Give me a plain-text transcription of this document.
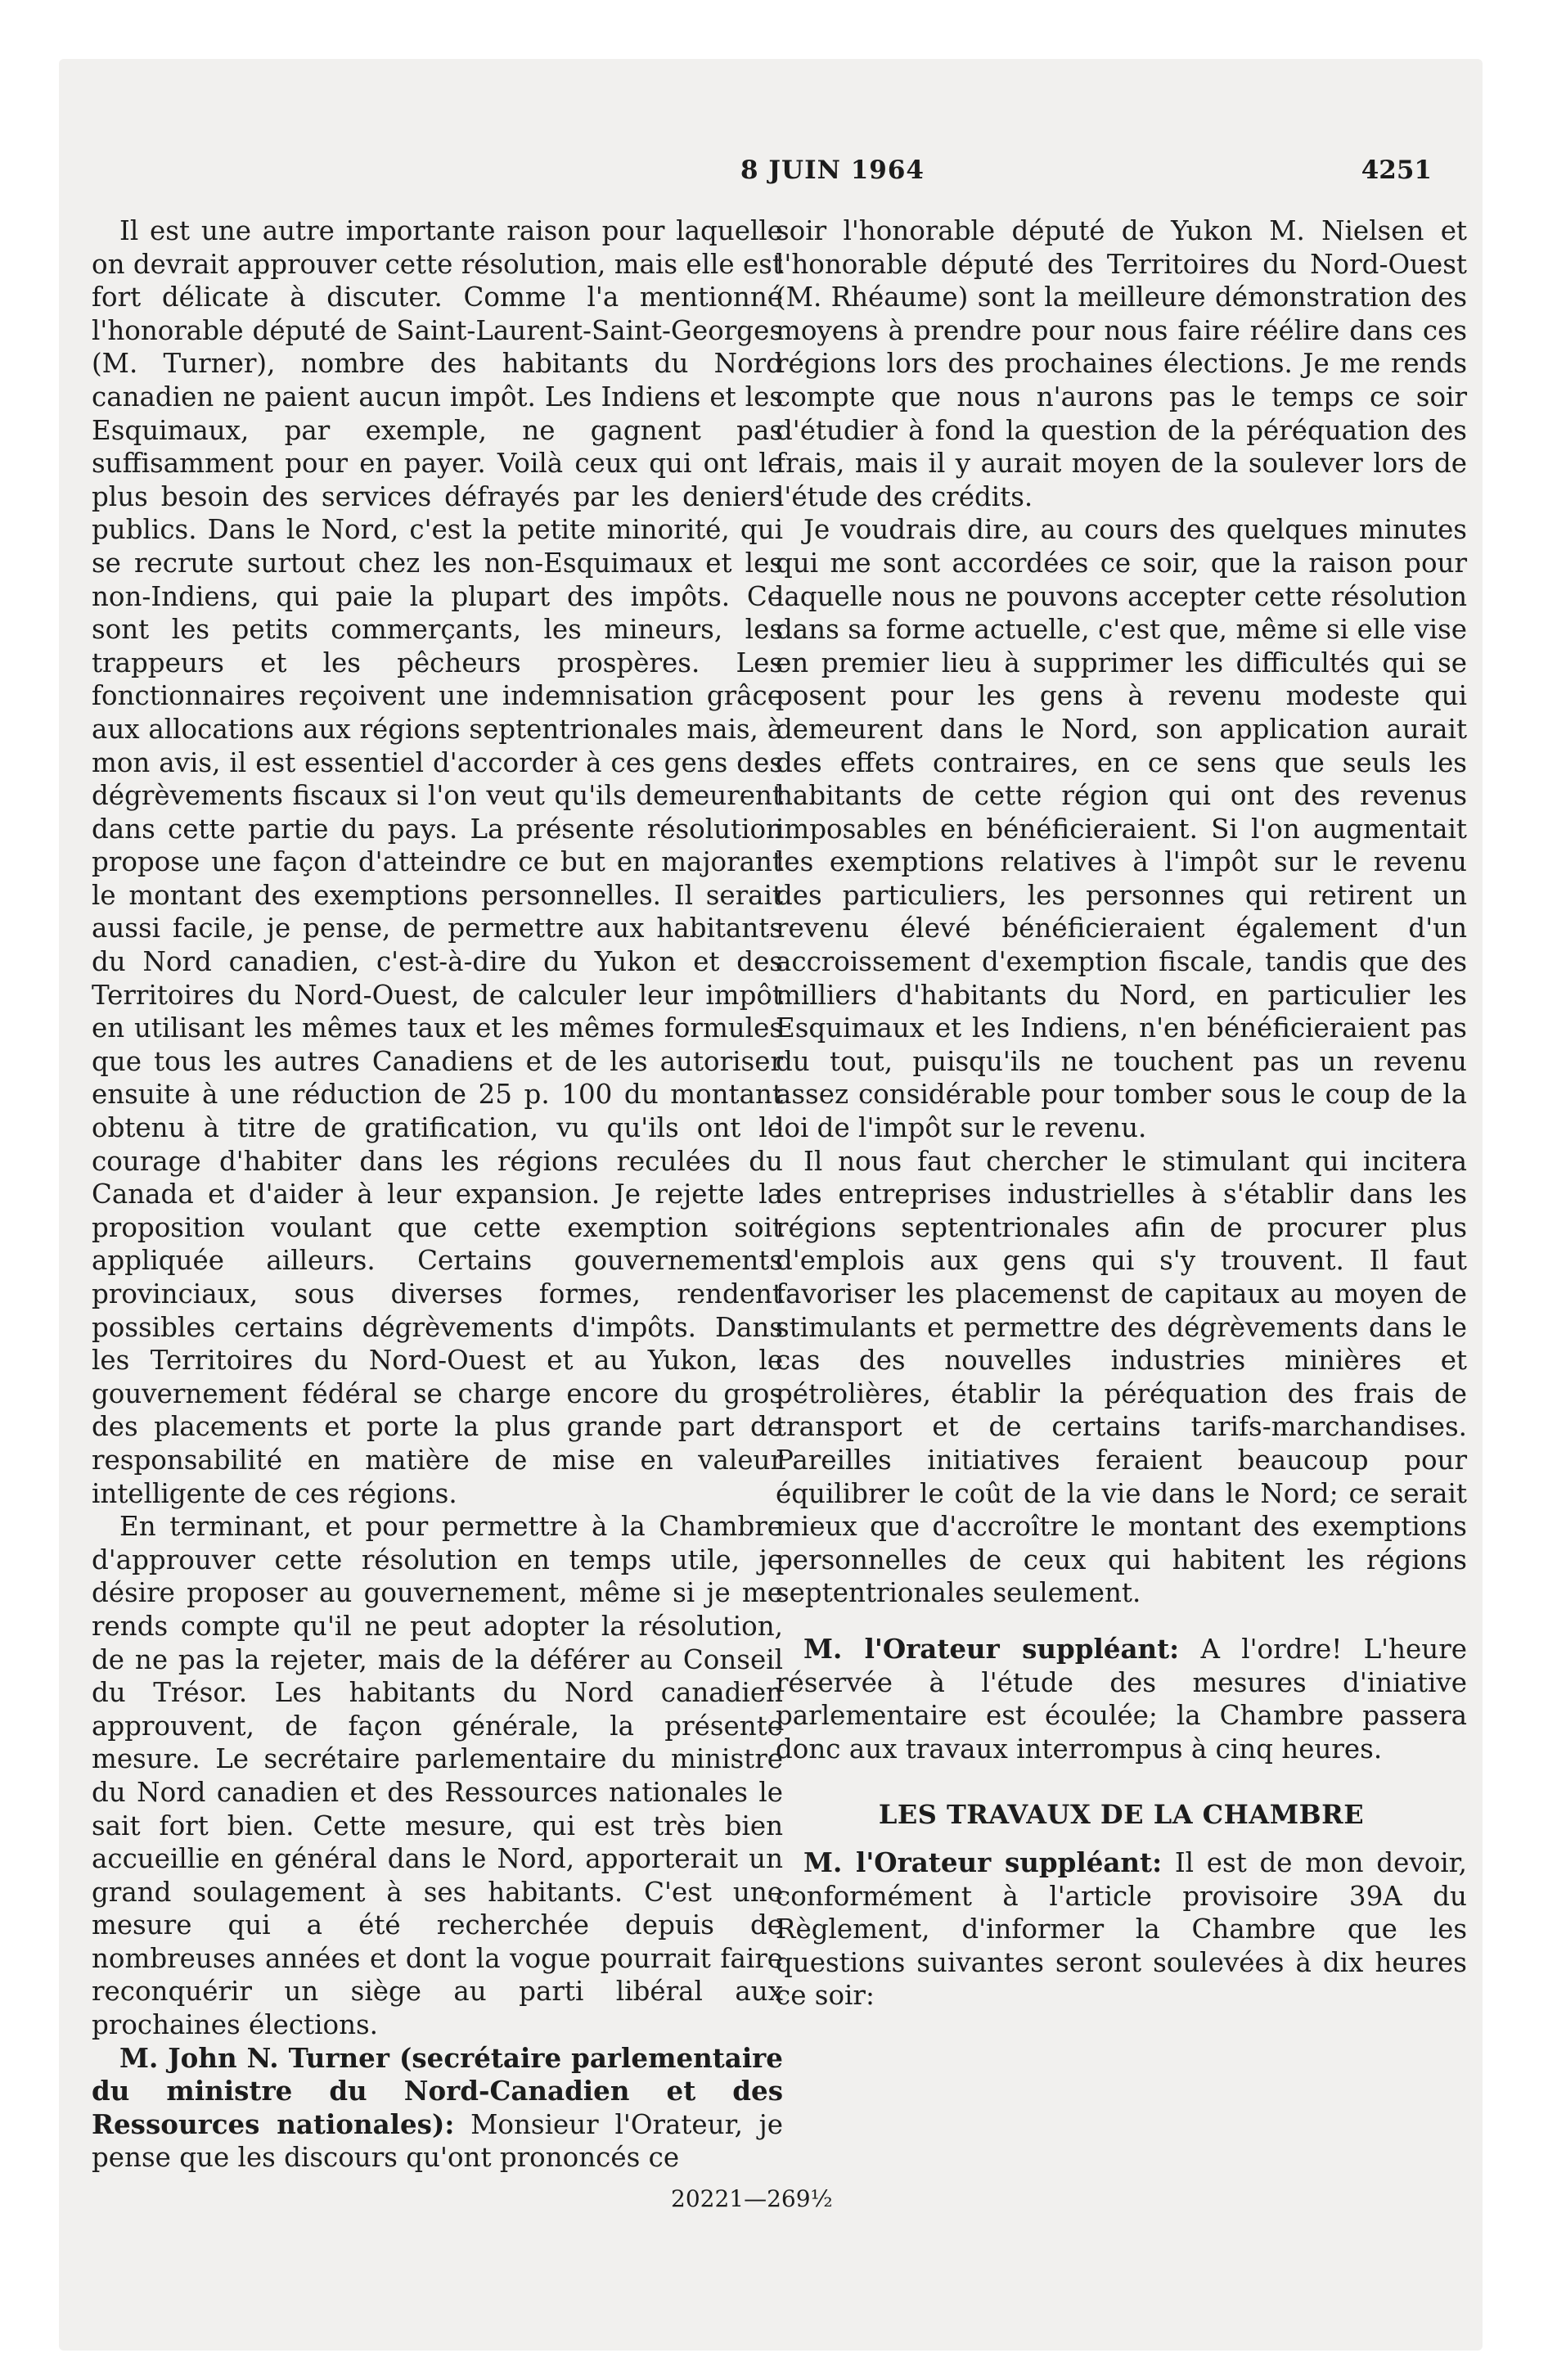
8 JUIN 1964	4251

Il est une autre importante raison pour laquelle on devrait approuver cette résolution, mais elle est fort délicate à discuter. Comme l'a mentionné l'honorable député de Saint-Laurent-Saint-Georges (M. Turner), nombre des habitants du Nord canadien ne paient aucun impôt. Les Indiens et les Esquimaux, par exemple, ne gagnent pas suffisamment pour en payer. Voilà ceux qui ont le plus besoin des services défrayés par les deniers publics. Dans le Nord, c'est la petite minorité, qui se recrute surtout chez les non-Esquimaux et les non-Indiens, qui paie la plupart des impôts. Ce sont les petits commerçants, les mineurs, les trappeurs et les pêcheurs prospères. Les fonctionnaires reçoivent une indemnisation grâce aux allocations aux régions septentrionales mais, à mon avis, il est essentiel d'accorder à ces gens des dégrèvements fiscaux si l'on veut qu'ils demeurent dans cette partie du pays. La présente résolution propose une façon d'atteindre ce but en majorant le montant des exemptions personnelles. Il serait aussi facile, je pense, de permettre aux habitants du Nord canadien, c'est-à-dire du Yukon et des Territoires du Nord-Ouest, de calculer leur impôt en utilisant les mêmes taux et les mêmes formules que tous les autres Canadiens et de les autoriser ensuite à une réduction de 25 p. 100 du montant obtenu à titre de gratification, vu qu'ils ont le courage d'habiter dans les régions reculées du Canada et d'aider à leur expansion. Je rejette la proposition voulant que cette exemption soit appliquée ailleurs. Certains gouvernements provinciaux, sous diverses formes, rendent possibles certains dégrèvements d'impôts. Dans les Territoires du Nord-Ouest et au Yukon, le gouvernement fédéral se charge encore du gros des placements et porte la plus grande part de responsabilité en matière de mise en valeur intelligente de ces régions.

En terminant, et pour permettre à la Chambre d'approuver cette résolution en temps utile, je désire proposer au gouvernement, même si je me rends compte qu'il ne peut adopter la résolution, de ne pas la rejeter, mais de la déférer au Conseil du Trésor. Les habitants du Nord canadien approuvent, de façon générale, la présente mesure. Le secrétaire parlementaire du ministre du Nord canadien et des Ressources nationales le sait fort bien. Cette mesure, qui est très bien accueillie en général dans le Nord, apporterait un grand soulagement à ses habitants. C'est une mesure qui a été recherchée depuis de nombreuses années et dont la vogue pourrait faire reconquérir un siège au parti libéral aux prochaines élections.

M. John N. Turner (secrétaire parlementaire du ministre du Nord-Canadien et des Ressources nationales): Monsieur l'Orateur, je pense que les discours qu'ont prononcés ce

soir l'honorable député de Yukon M. Nielsen et l'honorable député des Territoires du Nord-Ouest (M. Rhéaume) sont la meilleure démonstration des moyens à prendre pour nous faire réélire dans ces régions lors des prochaines élections. Je me rends compte que nous n'aurons pas le temps ce soir d'étudier à fond la question de la péréquation des frais, mais il y aurait moyen de la soulever lors de l'étude des crédits.

Je voudrais dire, au cours des quelques minutes qui me sont accordées ce soir, que la raison pour laquelle nous ne pouvons accepter cette résolution dans sa forme actuelle, c'est que, même si elle vise en premier lieu à supprimer les difficultés qui se posent pour les gens à revenu modeste qui demeurent dans le Nord, son application aurait des effets contraires, en ce sens que seuls les habitants de cette région qui ont des revenus imposables en bénéficieraient. Si l'on augmentait les exemptions relatives à l'impôt sur le revenu des particuliers, les personnes qui retirent un revenu élevé bénéficieraient également d'un accroissement d'exemption fiscale, tandis que des milliers d'habitants du Nord, en particulier les Esquimaux et les Indiens, n'en bénéficieraient pas du tout, puisqu'ils ne touchent pas un revenu assez considérable pour tomber sous le coup de la loi de l'impôt sur le revenu.

Il nous faut chercher le stimulant qui incitera des entreprises industrielles à s'établir dans les régions septentrionales afin de procurer plus d'emplois aux gens qui s'y trouvent. Il faut favoriser les placemenst de capitaux au moyen de stimulants et permettre des dégrèvements dans le cas des nouvelles industries minières et pétrolières, établir la péréquation des frais de transport et de certains tarifs-marchandises. Pareilles initiatives feraient beaucoup pour équilibrer le coût de la vie dans le Nord; ce serait mieux que d'accroître le montant des exemptions personnelles de ceux qui habitent les régions septentrionales seulement.

M. l'Orateur suppléant: A l'ordre! L'heure réservée à l'étude des mesures d'iniative parlementaire est écoulée; la Chambre passera donc aux travaux interrompus à cinq heures.

LES TRAVAUX DE LA CHAMBRE

M. l'Orateur suppléant: Il est de mon devoir, conformément à l'article provisoire 39A du Règlement, d'informer la Chambre que les questions suivantes seront soulevées à dix heures ce soir:

20221—269½
